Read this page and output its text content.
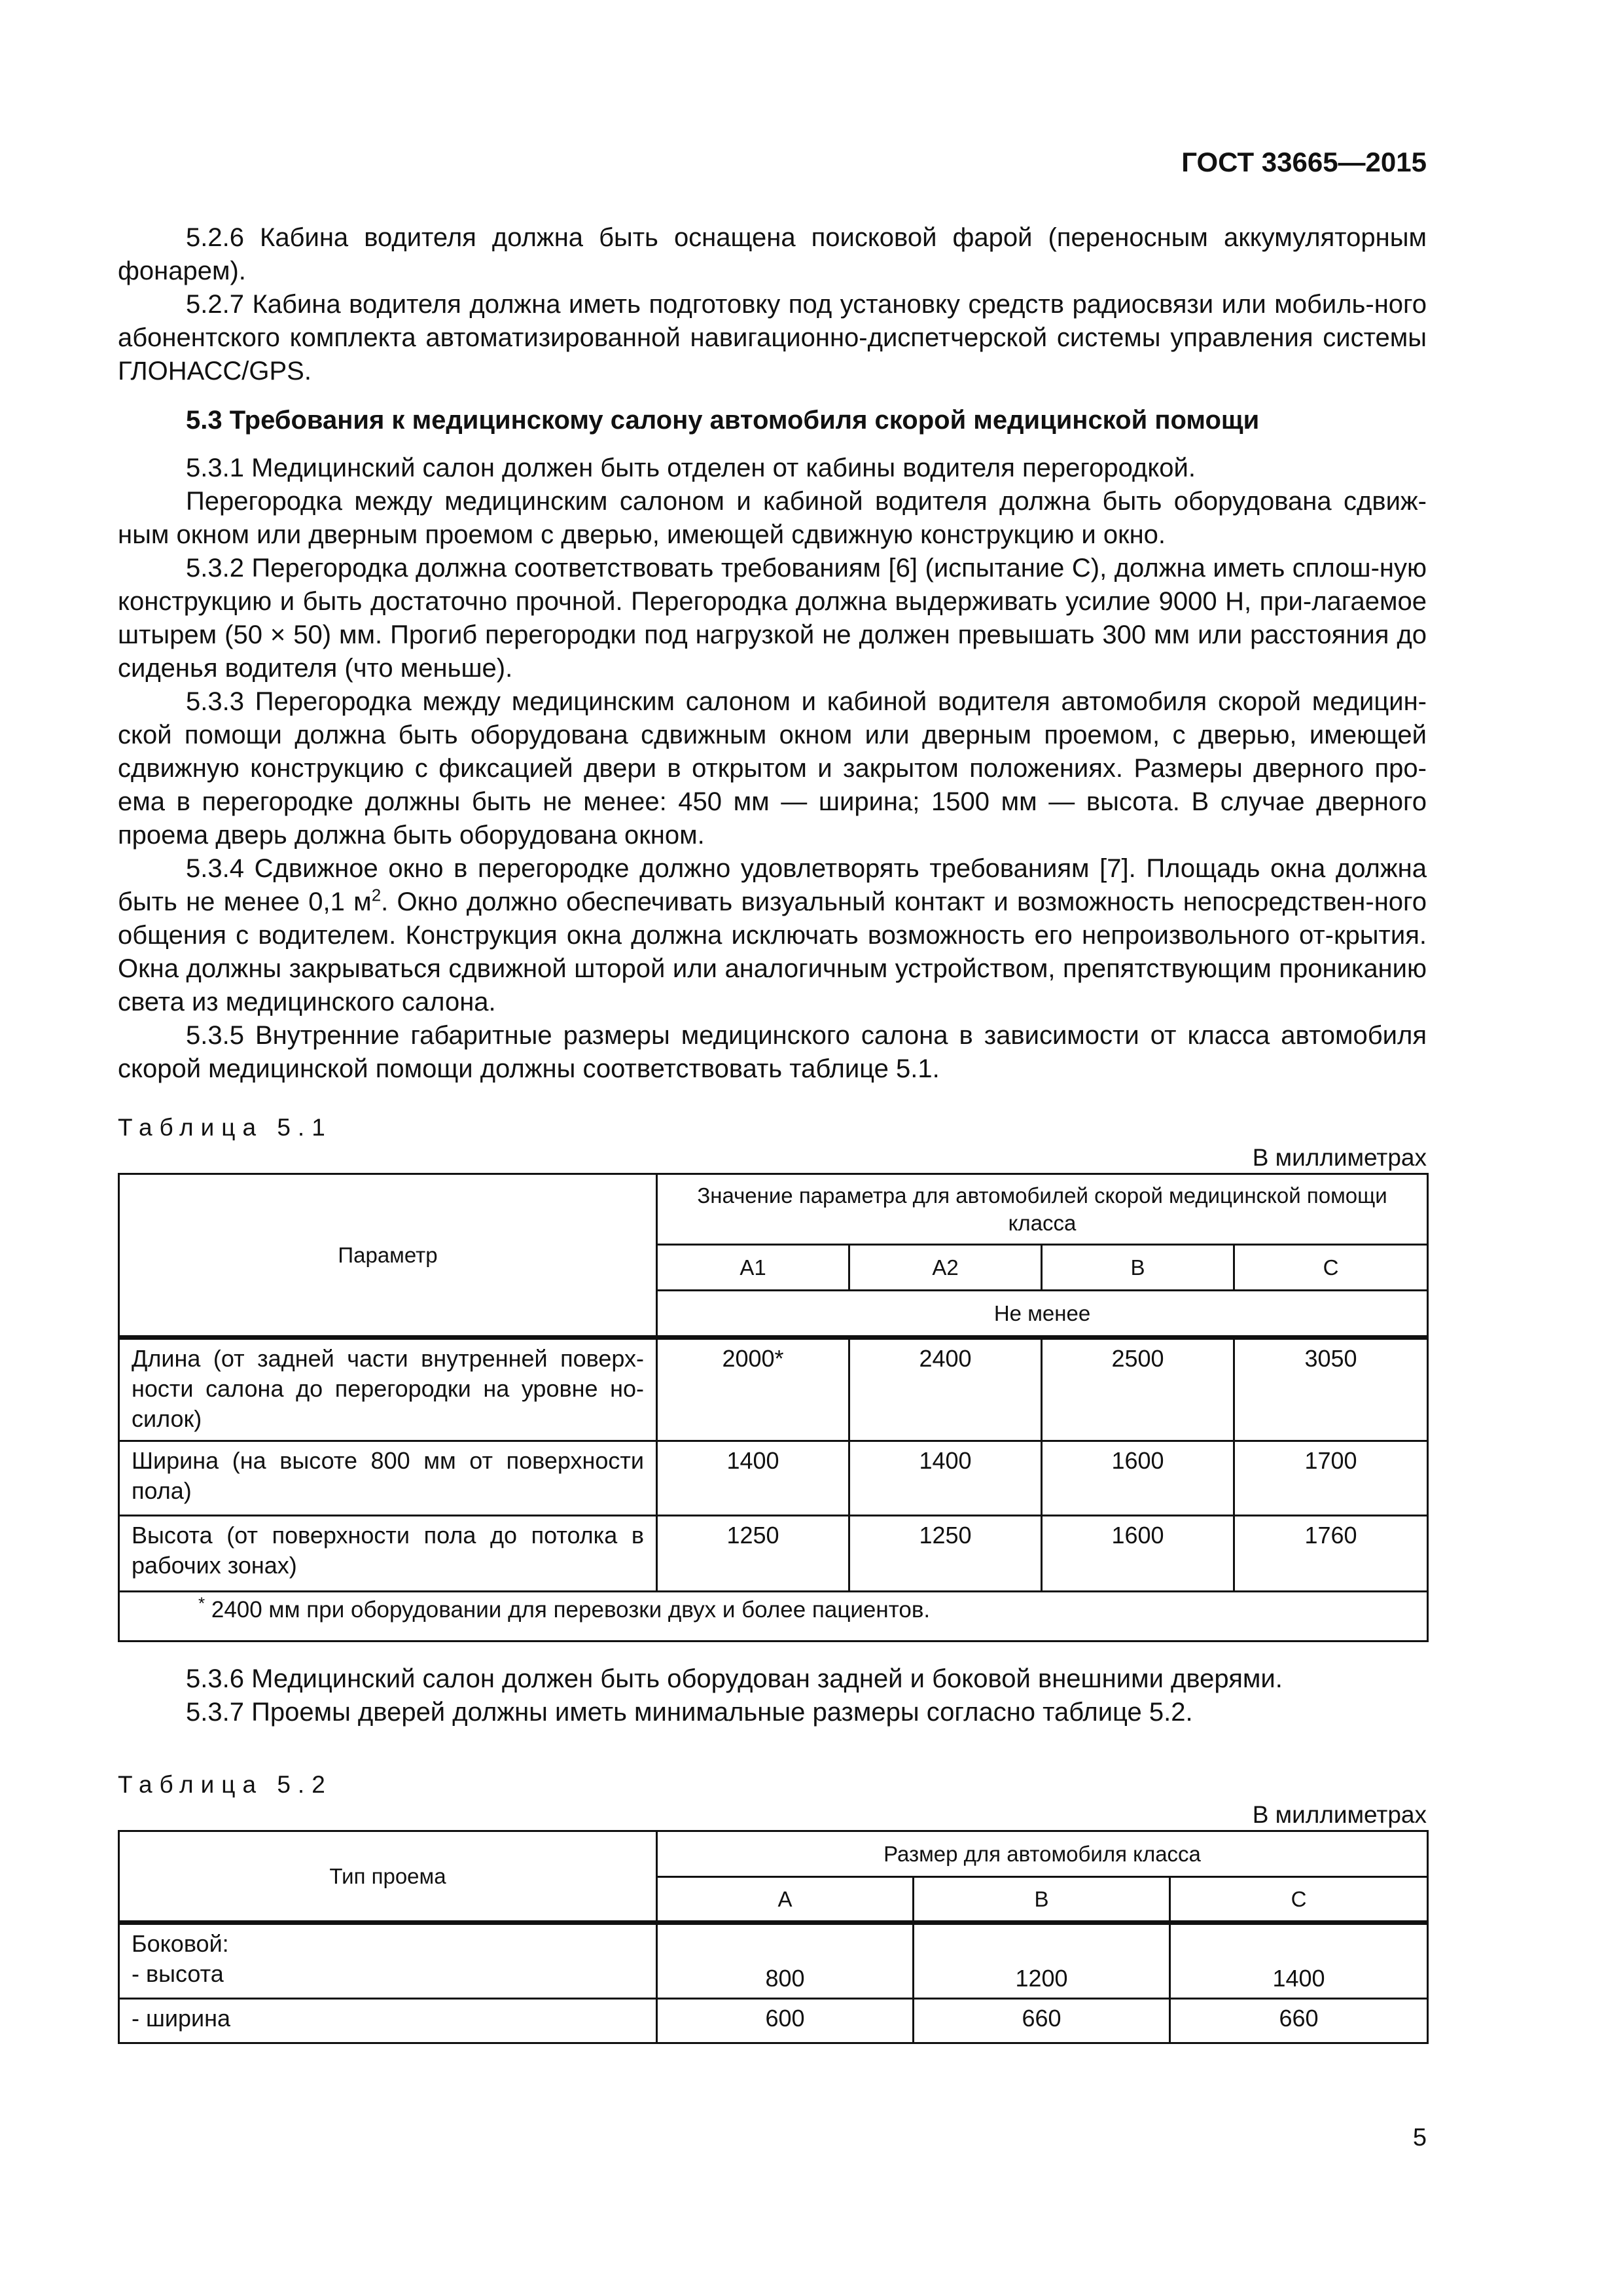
ГОСТ 33665—2015

5.2.6 Кабина водителя должна быть оснащена поисковой фарой (переносным аккумуляторным фонарем).

5.2.7 Кабина водителя должна иметь подготовку под установку средств радиосвязи или мобиль-ного абонентского комплекта автоматизированной навигационно-диспетчерской системы управления системы ГЛОНАСС/GPS.

5.3 Требования к медицинскому салону автомобиля скорой медицинской помощи

5.3.1 Медицинский салон должен быть отделен от кабины водителя перегородкой.

Перегородка между медицинским салоном и кабиной водителя должна быть оборудована сдвиж-ным окном или дверным проемом с дверью, имеющей сдвижную конструкцию и окно.

5.3.2 Перегородка должна соответствовать требованиям [6] (испытание С), должна иметь сплош-ную конструкцию и быть достаточно прочной. Перегородка должна выдерживать усилие 9000 Н, при-лагаемое штырем (50 × 50) мм. Прогиб перегородки под нагрузкой не должен превышать 300 мм или расстояния до сиденья водителя (что меньше).

5.3.3 Перегородка между медицинским салоном и кабиной водителя автомобиля скорой медицин-ской помощи должна быть оборудована сдвижным окном или дверным проемом, с дверью, имеющей сдвижную конструкцию с фиксацией двери в открытом и закрытом положениях. Размеры дверного про-ема в перегородке должны быть не менее: 450 мм — ширина; 1500 мм — высота. В случае дверного проема дверь должна быть оборудована окном.

5.3.4 Сдвижное окно в перегородке должно удовлетворять требованиям [7]. Площадь окна должна быть не менее 0,1 $м^2$. Окно должно обеспечивать визуальный контакт и возможность непосредствен-ного общения с водителем. Конструкция окна должна исключать возможность его непроизвольного от-крытия. Окна должны закрываться сдвижной шторой или аналогичным устройством, препятствующим прониканию света из медицинского салона.

5.3.5 Внутренние габаритные размеры медицинского салона в зависимости от класса автомобиля скорой медицинской помощи должны соответствовать таблице 5.1.

Таблица 5.1
В миллиметрах
Параметр	Значение параметра для автомобилей скорой медицинской помощи класса			
	А1	А2	В	С
	Не менее			
Длина (от задней части внутренней поверх-ности салона до перегородки на уровне но-силок)	2000*	2400	2500	3050
Ширина (на высоте 800 мм от поверхности пола)	1400	1400	1600	1700
Высота (от поверхности пола до потолка в рабочих зонах)	1250	1250	1600	1760
* 2400 мм при оборудовании для перевозки двух и более пациентов.				

5.3.6 Медицинский салон должен быть оборудован задней и боковой внешними дверями.

5.3.7 Проемы дверей должны иметь минимальные размеры согласно таблице 5.2.

Таблица 5.2
В миллиметрах
Тип проема	Размер для автомобиля класса		
	А	В	С

Боковой:
- высота	800	1200	1400
- ширина	600	660	660
5
